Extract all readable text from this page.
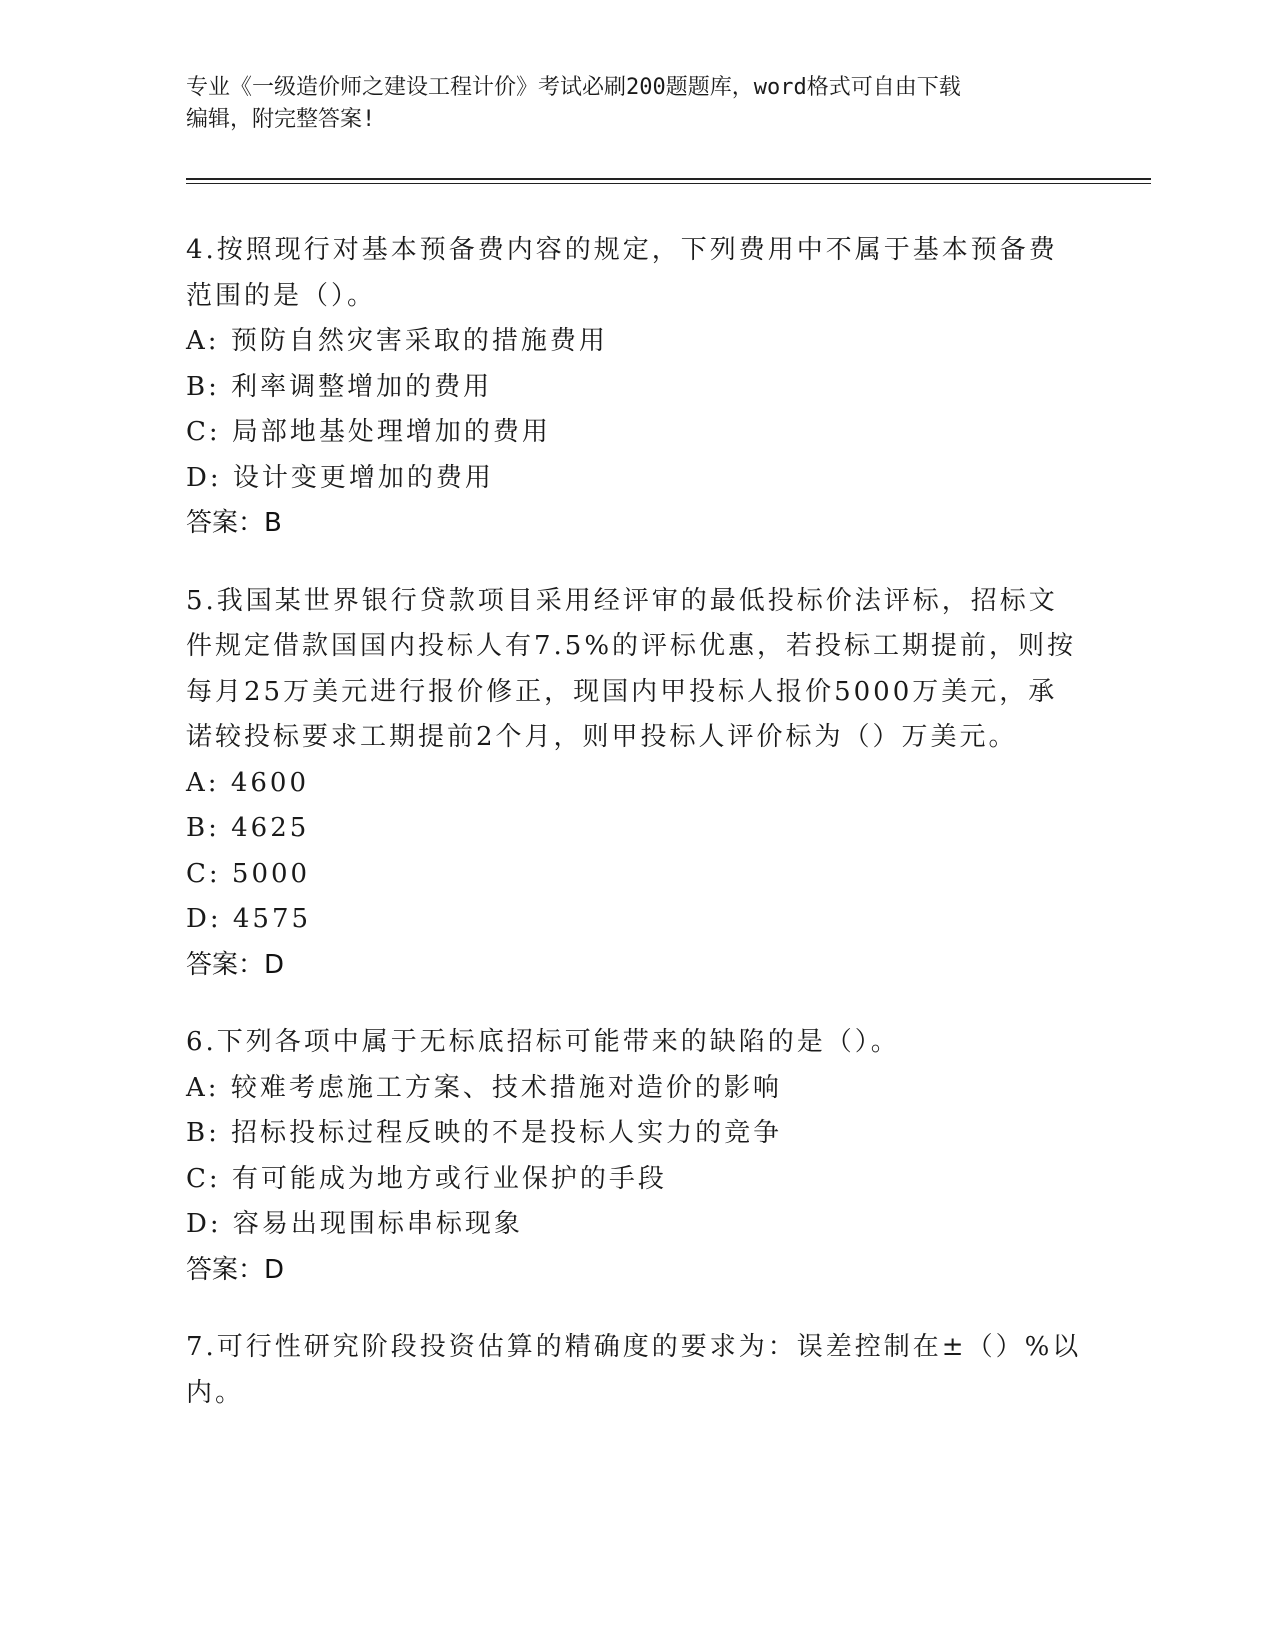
专业《一级造价师之建设工程计价》考试必刷200题题库，word格式可自由下载
编辑，附完整答案!

4.按照现行对基本预备费内容的规定，下列费用中不属于基本预备费

范围的是（）。

A: 预防自然灾害采取的措施费用

B: 利率调整增加的费用

C: 局部地基处理增加的费用

D: 设计变更增加的费用

答案：B

5.我国某世界银行贷款项目采用经评审的最低投标价法评标，招标文

件规定借款国国内投标人有7.5%的评标优惠，若投标工期提前，则按

每月25万美元进行报价修正，现国内甲投标人报价5000万美元，承

诺较投标要求工期提前2个月，则甲投标人评价标为（）万美元。

A: 4600

B: 4625

C: 5000

D: 4575

答案：D

6.下列各项中属于无标底招标可能带来的缺陷的是（）。

A: 较难考虑施工方案、技术措施对造价的影响

B: 招标投标过程反映的不是投标人实力的竞争

C: 有可能成为地方或行业保护的手段

D: 容易出现围标串标现象

答案：D

7.可行性研究阶段投资估算的精确度的要求为：误差控制在±（）%以

内。
